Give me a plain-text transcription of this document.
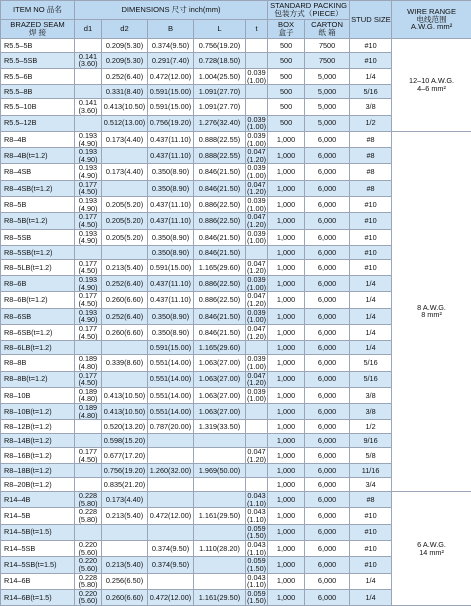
ITEM NO 品名	DIMENSIONS 尺寸 inch(mm)					STANDARD PACKING 包装方式（PIECE）		STUD SIZE	WIRE RANGE
电线范围
A.W.G. mm²

BRAZED SEAM
焊 接	d1	d2	B	L	t	BOX
盒子	CARTON
纸 箱		

R5.5–5B		0.209(5.30)	0.374(9.50)	0.756(19.20)		500	7500	#10	12–10 A.W.G.
4–6 mm²

R5.5–5SB	0.141 (3.60)	0.209(5.30)	0.291(7.40)	0.728(18.50)		500	7500	#10	
R5.5–6B		0.252(6.40)	0.472(12.00)	1.004(25.50)	0.039 (1.00)	500	5,000	1/4	
R5.5–8B		0.331(8.40)	0.591(15.00)	1.091(27.70)		500	5,000	5/16	
R5.5–10B	0.141 (3.60)	0.413(10.50)	0.591(15.00)	1.091(27.70)		500	5,000	3/8	
R5.5–12B		0.512(13.00)	0.756(19.20)	1.276(32.40)	0.039 (1.00)	500	5,000	1/2	
R8–4B	0.193 (4.90)	0.173(4.40)	0.437(11.10)	0.888(22.55)	0.039 (1.00)	1,000	6,000	#8	8 A.W.G.
8 mm²

R8–4B(t=1.2)	0.193 (4.90)		0.437(11.10)	0.888(22.55)	0.047 (1.20)	1,000	6,000	#8	
R8–4SB	0.193 (4.90)	0.173(4.40)	0.350(8.90)	0.846(21.50)	0.039 (1.00)	1,000	6,000	#8	
R8–4SB(t=1.2)	0.177 (4.50)		0.350(8.90)	0.846(21.50)	0.047 (1.20)	1,000	6,000	#8	
R8–5B	0.193 (4.90)	0.205(5.20)	0.437(11.10)	0.886(22.50)	0.039 (1.00)	1,000	6,000	#10	
R8–5B(t=1.2)	0.177 (4.50)	0.205(5.20)	0.437(11.10)	0.886(22.50)	0.047 (1.20)	1,000	6,000	#10	
R8–5SB	0.193 (4.90)	0.205(5.20)	0.350(8.90)	0.846(21.50)	0.039 (1.00)	1,000	6,000	#10	
R8–5SB(t=1.2)			0.350(8.90)	0.846(21.50)		1,000	6,000	#10	
R8–5LB(t=1.2)	0.177 (4.50)	0.213(5.40)	0.591(15.00)	1.165(29.60)	0.047 (1.20)	1,000	6,000	#10	
R8–6B	0.193 (4.90)	0.252(6.40)	0.437(11.10)	0.886(22.50)	0.039 (1.00)	1,000	6,000	1/4	
R8–6B(t=1.2)	0.177 (4.50)	0.260(6.60)	0.437(11.10)	0.886(22.50)	0.047 (1.20)	1,000	6,000	1/4	
R8–6SB	0.193 (4.90)	0.252(6.40)	0.350(8.90)	0.846(21.50)	0.039 (1.00)	1,000	6,000	1/4	
R8–6SB(t=1.2)	0.177 (4.50)	0.260(6.60)	0.350(8.90)	0.846(21.50)	0.047 (1.20)	1,000	6,000	1/4	
R8–6LB(t=1.2)			0.591(15.00)	1.165(29.60)		1,000	6,000	1/4	
R8–8B	0.189 (4.80)	0.339(8.60)	0.551(14.00)	1.063(27.00)	0.039 (1.00)	1,000	6,000	5/16	
R8–8B(t=1.2)	0.177 (4.50)		0.551(14.00)	1.063(27.00)	0.047 (1.20)	1,000	6,000	5/16	
R8–10B	0.189 (4.80)	0.413(10.50)	0.551(14.00)	1.063(27.00)	0.039 (1.00)	1,000	6,000	3/8	
R8–10B(t=1.2)	0.189 (4.80)	0.413(10.50)	0.551(14.00)	1.063(27.00)		1,000	6,000	3/8	
R8–12B(t=1.2)		0.520(13.20)	0.787(20.00)	1.319(33.50)		1,000	6,000	1/2	
R8–14B(t=1.2)		0.598(15.20)				1,000	6,000	9/16	
R8–16B(t=1.2)	0.177 (4.50)	0.677(17.20)			0.047 (1.20)	1,000	6,000	5/8	
R8–18B(t=1.2)		0.756(19.20)	1.260(32.00)	1.969(50.00)		1,000	6,000	11/16	
R8–20B(t=1.2)		0.835(21.20)				1,000	6,000	3/4	
R14–4B	0.228 (5.80)	0.173(4.40)			0.043 (1.10)	1,000	6,000	#8	6 A.W.G.
14 mm²

R14–5B	0.228 (5.80)	0.213(5.40)	0.472(12.00)	1.161(29.50)	0.043 (1.10)	1,000	6,000	#10	
R14–5B(t=1.5)					0.059 (1.50)	1,000	6,000	#10	
R14–5SB	0.220 (5.60)		0.374(9.50)	1.110(28.20)	0.043 (1.10)	1,000	6,000	#10	
R14–5SB(t=1.5)	0.220 (5.60)	0.213(5.40)	0.374(9.50)		0.059 (1.50)	1,000	6,000	#10	
R14–6B	0.228 (5.80)	0.256(6.50)			0.043 (1.10)	1,000	6,000	1/4	
R14–6B(t=1.5)	0.220 (5.60)	0.260(6.60)	0.472(12.00)	1.161(29.50)	0.059 (1.50)	1,000	6,000	1/4	
